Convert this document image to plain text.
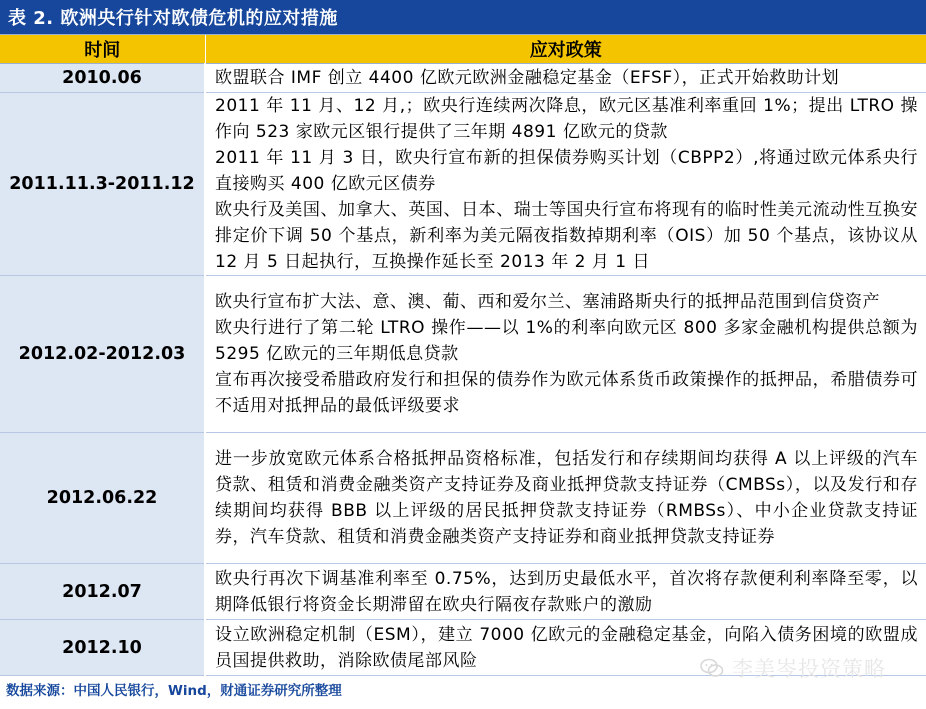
表 2. 欧洲央行针对欧债危机的应对措施
时间	应对政策
2010.06	欧盟联合 IMF 创立 4400 亿欧元欧洲金融稳定基金（EFSF），正式开始救助计划

2011.11.3-2011.12	2011 年 11 月、12 月,；欧央行连续两次降息，欧元区基准利率重回 1%；提出 LTRO 操作向 523 家欧元区银行提供了三年期 4891 亿欧元的贷款
2011 年 11 月 3 日，欧央行宣布新的担保债券购买计划（CBPP2）,将通过欧元体系央行直接购买 400 亿欧元区债券
欧央行及美国、加拿大、英国、日本、瑞士等国央行宣布将现有的临时性美元流动性互换安排定价下调 50 个基点，新利率为美元隔夜指数掉期利率（OIS）加 50 个基点，该协议从 12 月 5 日起执行，互换操作延长至 2013 年 2 月 1 日

2012.02-2012.03	欧央行宣布扩大法、意、澳、葡、西和爱尔兰、塞浦路斯央行的抵押品范围到信贷资产
欧央行进行了第二轮 LTRO 操作——以 1%的利率向欧元区 800 多家金融机构提供总额为 5295 亿欧元的三年期低息贷款
宣布再次接受希腊政府发行和担保的债券作为欧元体系货币政策操作的抵押品，希腊债券可不适用对抵押品的最低评级要求

2012.06.22	进一步放宽欧元体系合格抵押品资格标准，包括发行和存续期间均获得 A 以上评级的汽车贷款、租赁和消费金融类资产支持证券及商业抵押贷款支持证券（CMBSs），以及发行和存续期间均获得 BBB 以上评级的居民抵押贷款支持证券（RMBSs）、中小企业贷款支持证券，汽车贷款、租赁和消费金融类资产支持证券和商业抵押贷款支持证券

2012.07	欧央行再次下调基准利率至 0.75%，达到历史最低水平，首次将存款便利利率降至零，以期降低银行将资金长期滞留在欧央行隔夜存款账户的激励

2012.10	设立欧洲稳定机制（ESM），建立 7000 亿欧元的金融稳定基金，向陷入债务困境的欧盟成员国提供救助，消除欧债尾部风险
数据来源：中国人民银行，Wind，财通证券研究所整理
李美岑投资策略
